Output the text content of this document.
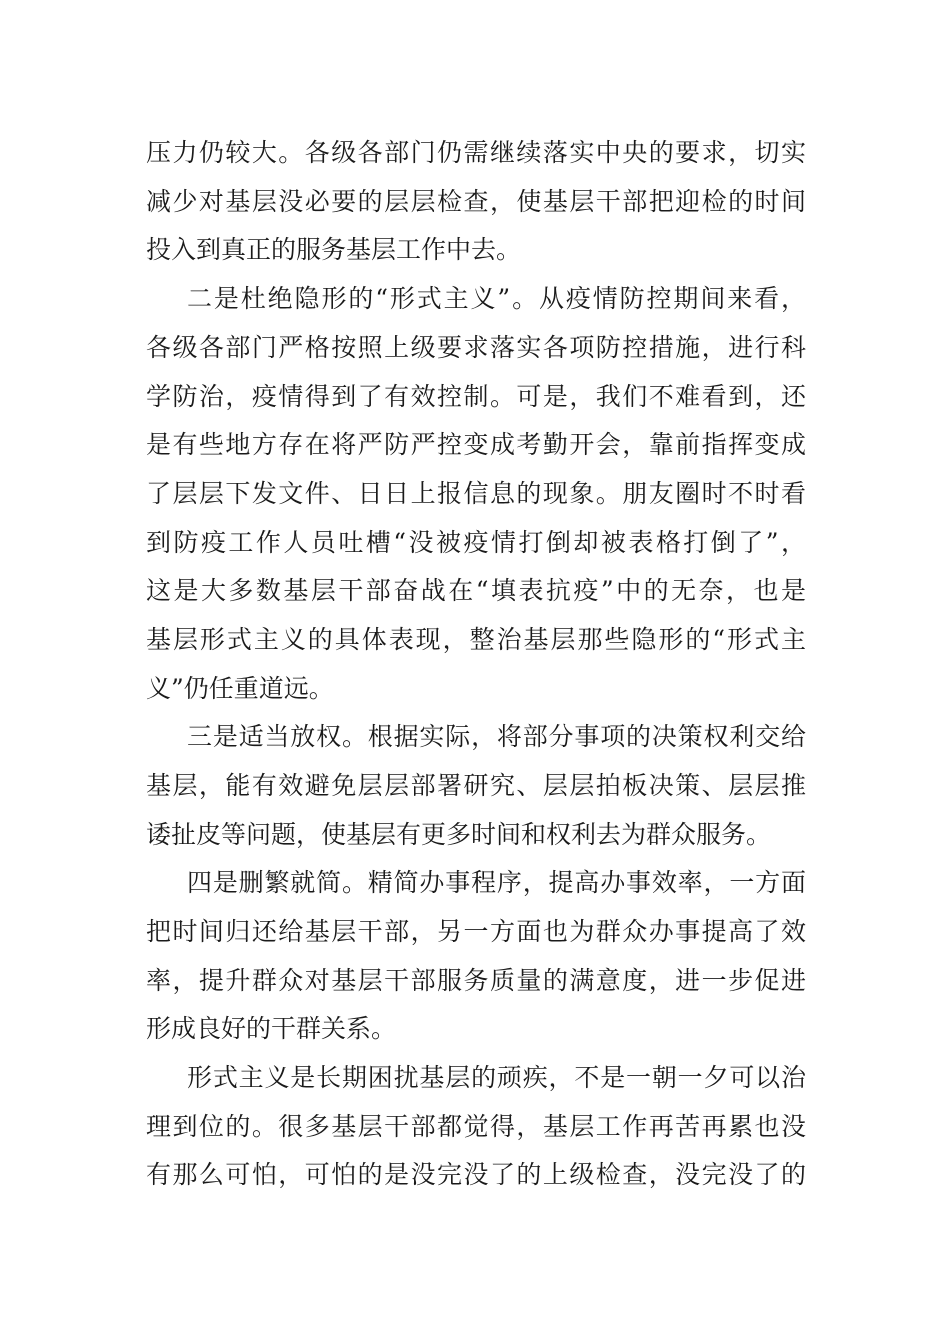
压力仍较大。各级各部门仍需继续落实中央的要求，切实
减少对基层没必要的层层检查，使基层干部把迎检的时间
投入到真正的服务基层工作中去。
二是杜绝隐形的“形式主义”。从疫情防控期间来看，
各级各部门严格按照上级要求落实各项防控措施，进行科
学防治，疫情得到了有效控制。可是，我们不难看到，还
是有些地方存在将严防严控变成考勤开会，靠前指挥变成
了层层下发文件、日日上报信息的现象。朋友圈时不时看
到防疫工作人员吐槽“没被疫情打倒却被表格打倒了”，
这是大多数基层干部奋战在“填表抗疫”中的无奈，也是
基层形式主义的具体表现，整治基层那些隐形的“形式主
义”仍任重道远。
三是适当放权。根据实际，将部分事项的决策权利交给
基层，能有效避免层层部署研究、层层拍板决策、层层推
诿扯皮等问题，使基层有更多时间和权利去为群众服务。
四是删繁就简。精简办事程序，提高办事效率，一方面
把时间归还给基层干部，另一方面也为群众办事提高了效
率，提升群众对基层干部服务质量的满意度，进一步促进
形成良好的干群关系。
形式主义是长期困扰基层的顽疾，不是一朝一夕可以治
理到位的。很多基层干部都觉得，基层工作再苦再累也没
有那么可怕，可怕的是没完没了的上级检查，没完没了的
